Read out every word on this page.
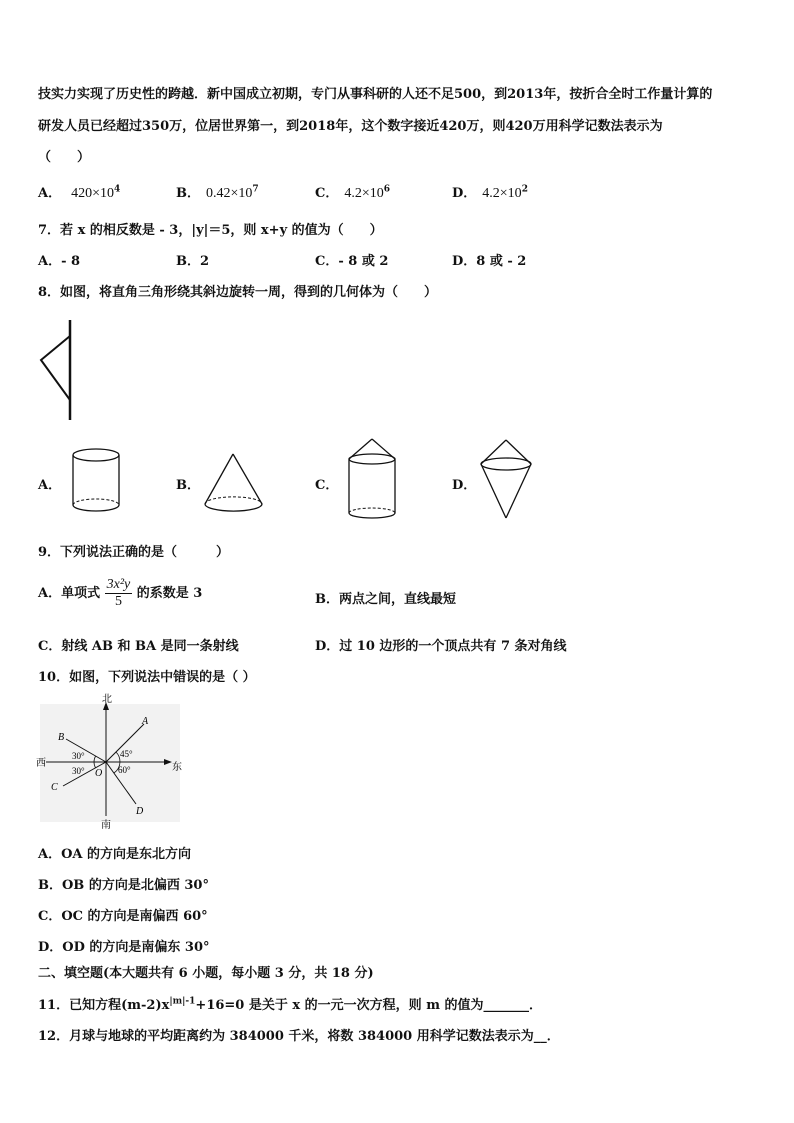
技实力实现了历史性的跨越．新中国成立初期，专门从事科研的人还不足500，到2013年，按折合全时工作量计算的
研发人员已经超过350万，位居世界第一，到2018年，这个数字接近420万，则420万用科学记数法表示为
（　　）
A． $420\times 10^4$	B． $0.42\times 10^7$	C． $4.2\times 10^6$	D． $4.2\times 10^2$
7．若 x 的相反数是 - 3，|y|＝5，则 x+y 的值为（　　）
A．- 8	B．2	C．- 8 或 2	D．8 或 - 2
8．如图，将直角三角形绕其斜边旋转一周，得到的几何体为（　　）
A．	B．	C．	D．
9．下列说法正确的是（　　　）
A．单项式 $\frac{\text{3x²y}}{5}$ 的系数是 3	B．两点之间，直线最短
C．射线 AB 和 BA 是同一条射线	D．过 10 边形的一个顶点共有 7 条对角线
10．如图，下列说法中错误的是（ ）
北
南
西	东
A
B
C
D
O
30°
30°
45°
60°
A．OA 的方向是东北方向
B．OB 的方向是北偏西 30°
C．OC 的方向是南偏西 60°
D．OD 的方向是南偏东 30°
二、填空题(本大题共有 6 小题，每小题 3 分，共 18 分)
11．已知方程$(m-2)x^{|m|-1}+16=0$ 是关于 x 的一元一次方程，则 m 的值为_______．
12．月球与地球的平均距离约为 384000 千米，将数 384000 用科学记数法表示为__．
